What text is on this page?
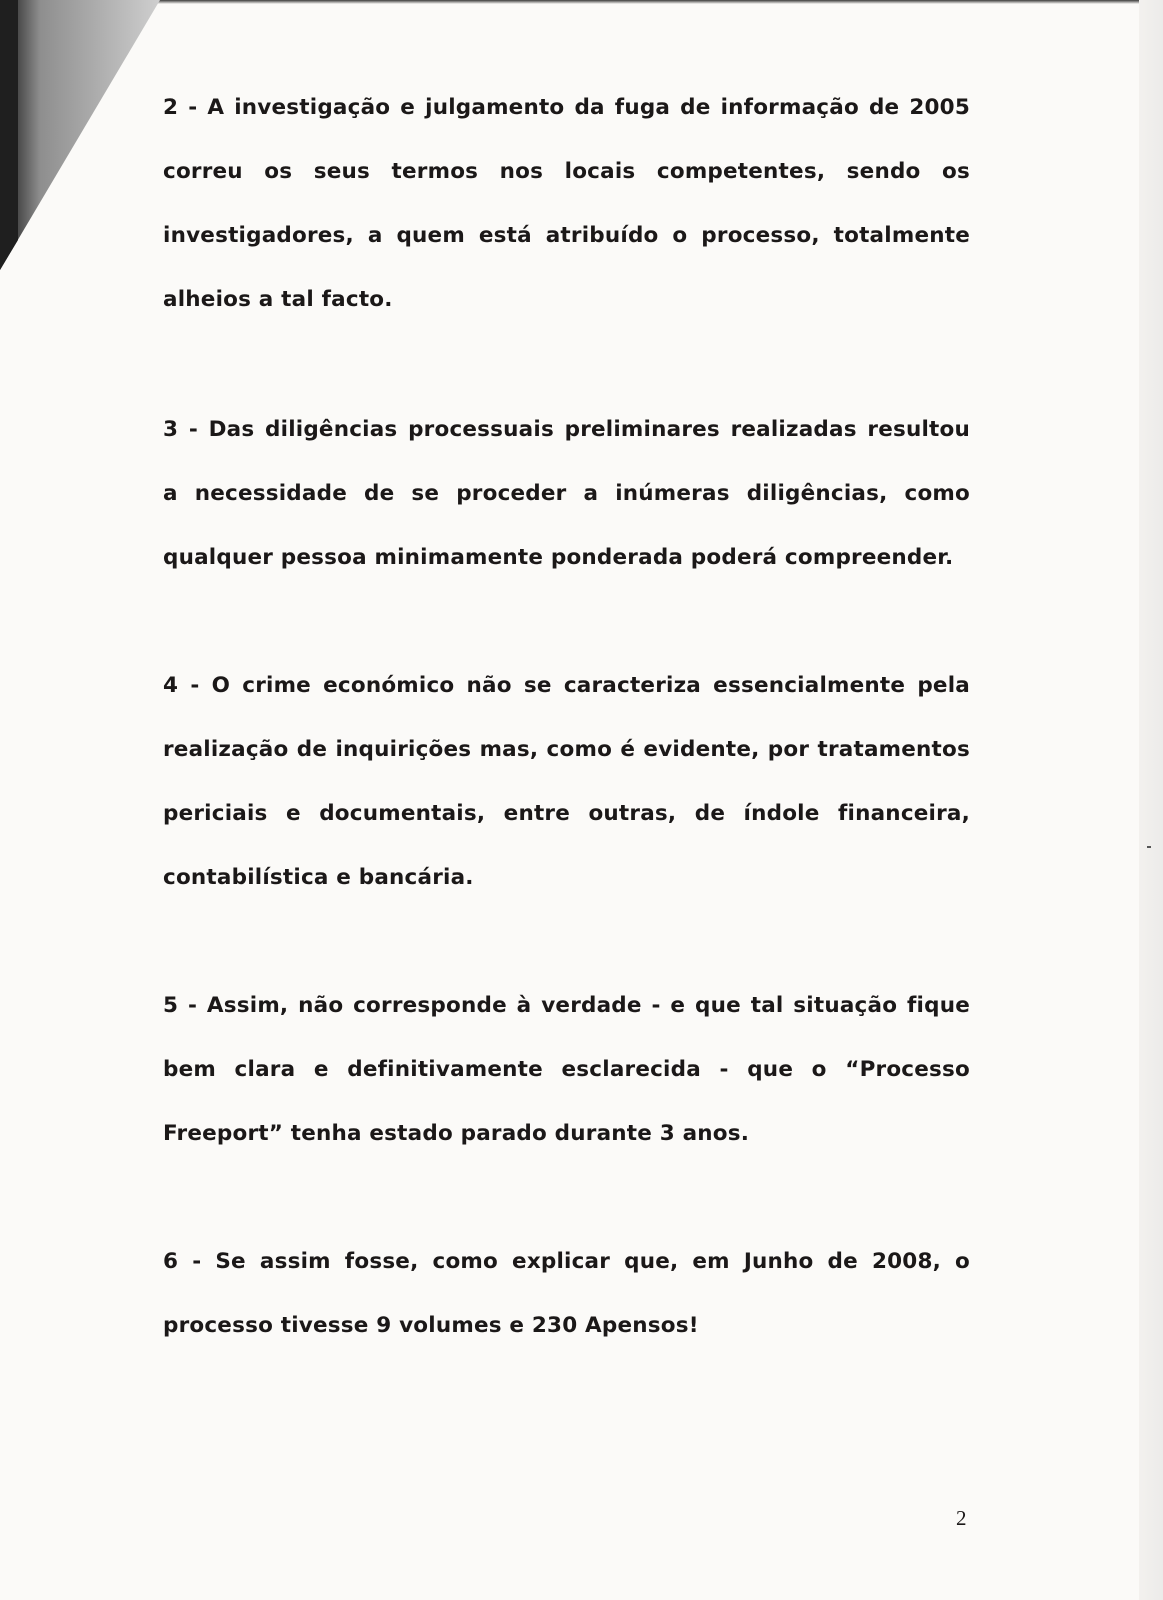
2 - A investigação e julgamento da fuga de informação de 2005 correu os seus termos nos locais competentes, sendo os investigadores, a quem está atribuído o processo, totalmente alheios a tal facto.

3 - Das diligências processuais preliminares realizadas resultou a necessidade de se proceder a inúmeras diligências, como qualquer pessoa minimamente ponderada poderá compreender.

4 - O crime económico não se caracteriza essencialmente pela realização de inquirições mas, como é evidente, por tratamentos periciais e documentais, entre outras, de índole financeira, contabilística e bancária.

5 - Assim, não corresponde à verdade - e que tal situação fique bem clara e definitivamente esclarecida - que o “Processo Freeport” tenha estado parado durante 3 anos.

6 - Se assim fosse, como explicar que, em Junho de 2008, o processo tivesse 9 volumes e 230 Apensos!

2
